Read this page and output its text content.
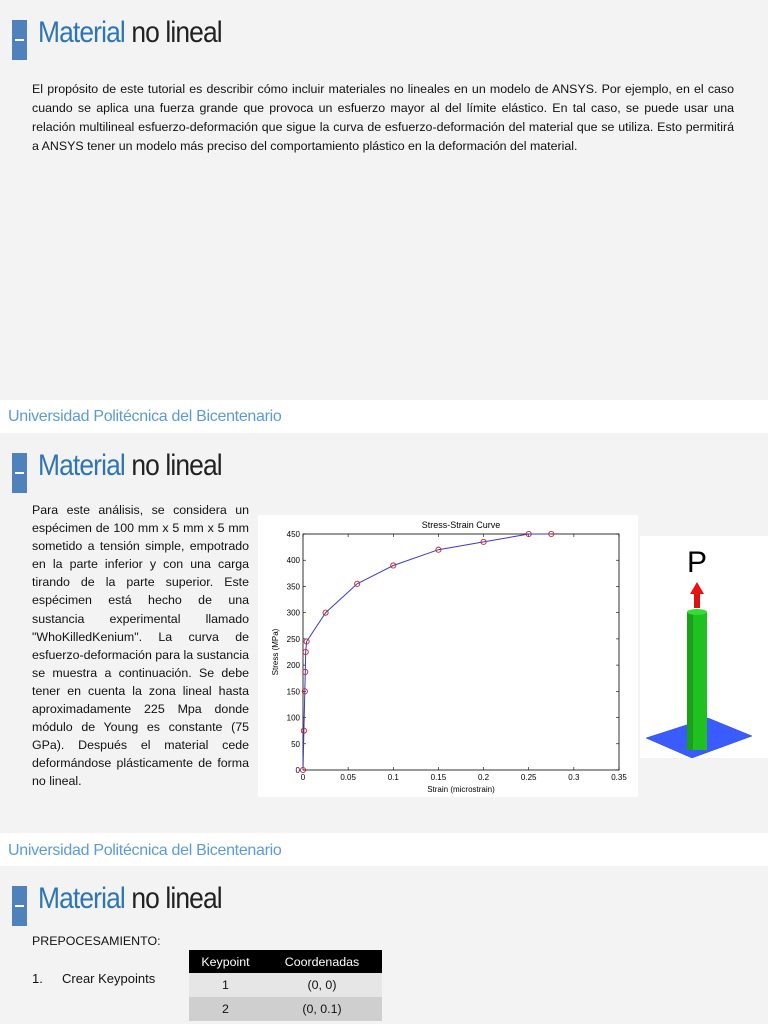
Material no lineal
El propósito de este tutorial es describir cómo incluir materiales no lineales en un modelo de ANSYS. Por ejemplo, en el caso cuando se aplica una fuerza grande que provoca un esfuerzo mayor al del límite elástico. En tal caso, se puede usar una relación multilineal esfuerzo-deformación que sigue la curva de esfuerzo-deformación del material que se utiliza. Esto permitirá a ANSYS tener un modelo más preciso del comportamiento plástico en la deformación del material.
Universidad Politécnica del Bicentenario
Material no lineal
Para este análisis, se considera un espécimen de 100 mm x 5 mm x 5 mm sometido a tensión simple, empotrado en la parte inferior y con una carga tirando de la parte superior. Este espécimen está hecho de una sustancia experimental llamado "WhoKilledKenium". La curva de esfuerzo-deformación para la sustancia se muestra a continuación. Se debe tener en cuenta la zona lineal hasta aproximadamente 225 Mpa donde módulo de Young es constante (75 GPa). Después el material cede deformándose plásticamente de forma no lineal.
Stress-Strain Curve
0	0.05	0.1	0.15	0.2	0.25	0.3	0.35
0
50
100
150
200
250
300
350
400
450
Strain (microstrain)
Stress (MPa)
P
Universidad Politécnica del Bicentenario
Material no lineal
PREPOCESAMIENTO:
1. Crear Keypoints
Keypoint	Coordenadas
1	(0, 0)
2	(0, 0.1)
